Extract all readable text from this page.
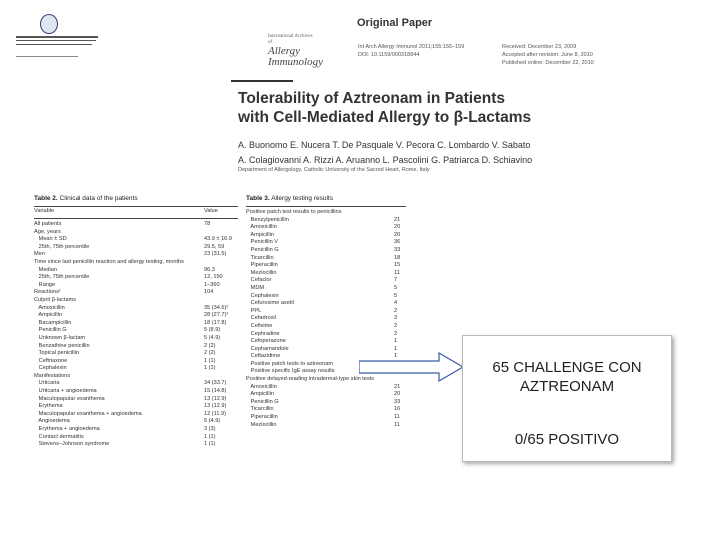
Original Paper
International Archives of
Allergy
Immunology
Int Arch Allergy Immunol 2011;155:155–159
DOI: 10.1159/000318844
Received: December 23, 2009
Accepted after revision: June 8, 2010
Published online: December 22, 2010
Tolerability of Aztreonam in Patients
with Cell-Mediated Allergy to β-Lactams
A. Buonomo E. Nucera T. De Pasquale V. Pecora C. Lombardo V. Sabato
A. Colagiovanni A. Rizzi A. Aruanno L. Pascolini G. Patriarca D. Schiavino
Department of Allergology, Catholic University of the Sacred Heart, Rome, Italy
Table 2. Clinical data of the patients
Variable	Value
All patients	78
Age, years
Mean ± SD	43.9 ± 16.9
25th, 75th percentile	29.5, 59
Men	23 (31.5)
Time since last penicillin reaction and allergy testing, months
Median	96.3
25th, 75th percentile	12, 150
Range	1–360
Reactions¹	104
Culprit β-lactams
Amoxicillin	35 (34.6)²
Ampicillin	28 (27.7)²
Bacampicillin	18 (17.8)
Penicillin G	5 (8.9)
Unknown β-lactam	5 (4.9)
Benzathine penicillin	2 (2)
Topical penicillin	2 (2)
Ceftriaxone	1 (1)
Cephalexin	1 (1)
Manifestations
Urticaria	34 (33.7)
Urticaria + angioedema	15 (14.8)
Maculopapular exanthema	13 (12.9)
Erythema	13 (12.9)
Maculopapular exanthema + angioedema	12 (11.9)
Angioedema	5 (4.9)
Erythema + angioedema	3 (3)
Contact dermatitis	1 (1)
Stevens–Johnson syndrome	1 (1)
Table 3. Allergy testing results
Positive patch test results to penicillins
Benzylpenicillin	21
Amoxicillin	20
Ampicillin	20
Penicillin V	36
Penicillin G	33
Ticarcillin	18
Piperacillin	15
Mezlocillin	11
Cefaclor	7
MDM	5
Cephalexin	5
Cefuroxime axetil	4
PPL	2
Cefadroxil	3
Cefixime	2
Cephradine	2
Cefoperazone	1
Cephamandole	1
Ceftazidime	1
Positive patch tests to aztreonam
Positive specific IgE assay results
Positive delayed-reading intradermal-type skin tests
Amoxicillin	21
Ampicillin	20
Penicillin G	33
Ticarcillin	16
Piperacillin	11
Mezlocillin	11
65 CHALLENGE CON
AZTREONAM
0/65 POSITIVO
